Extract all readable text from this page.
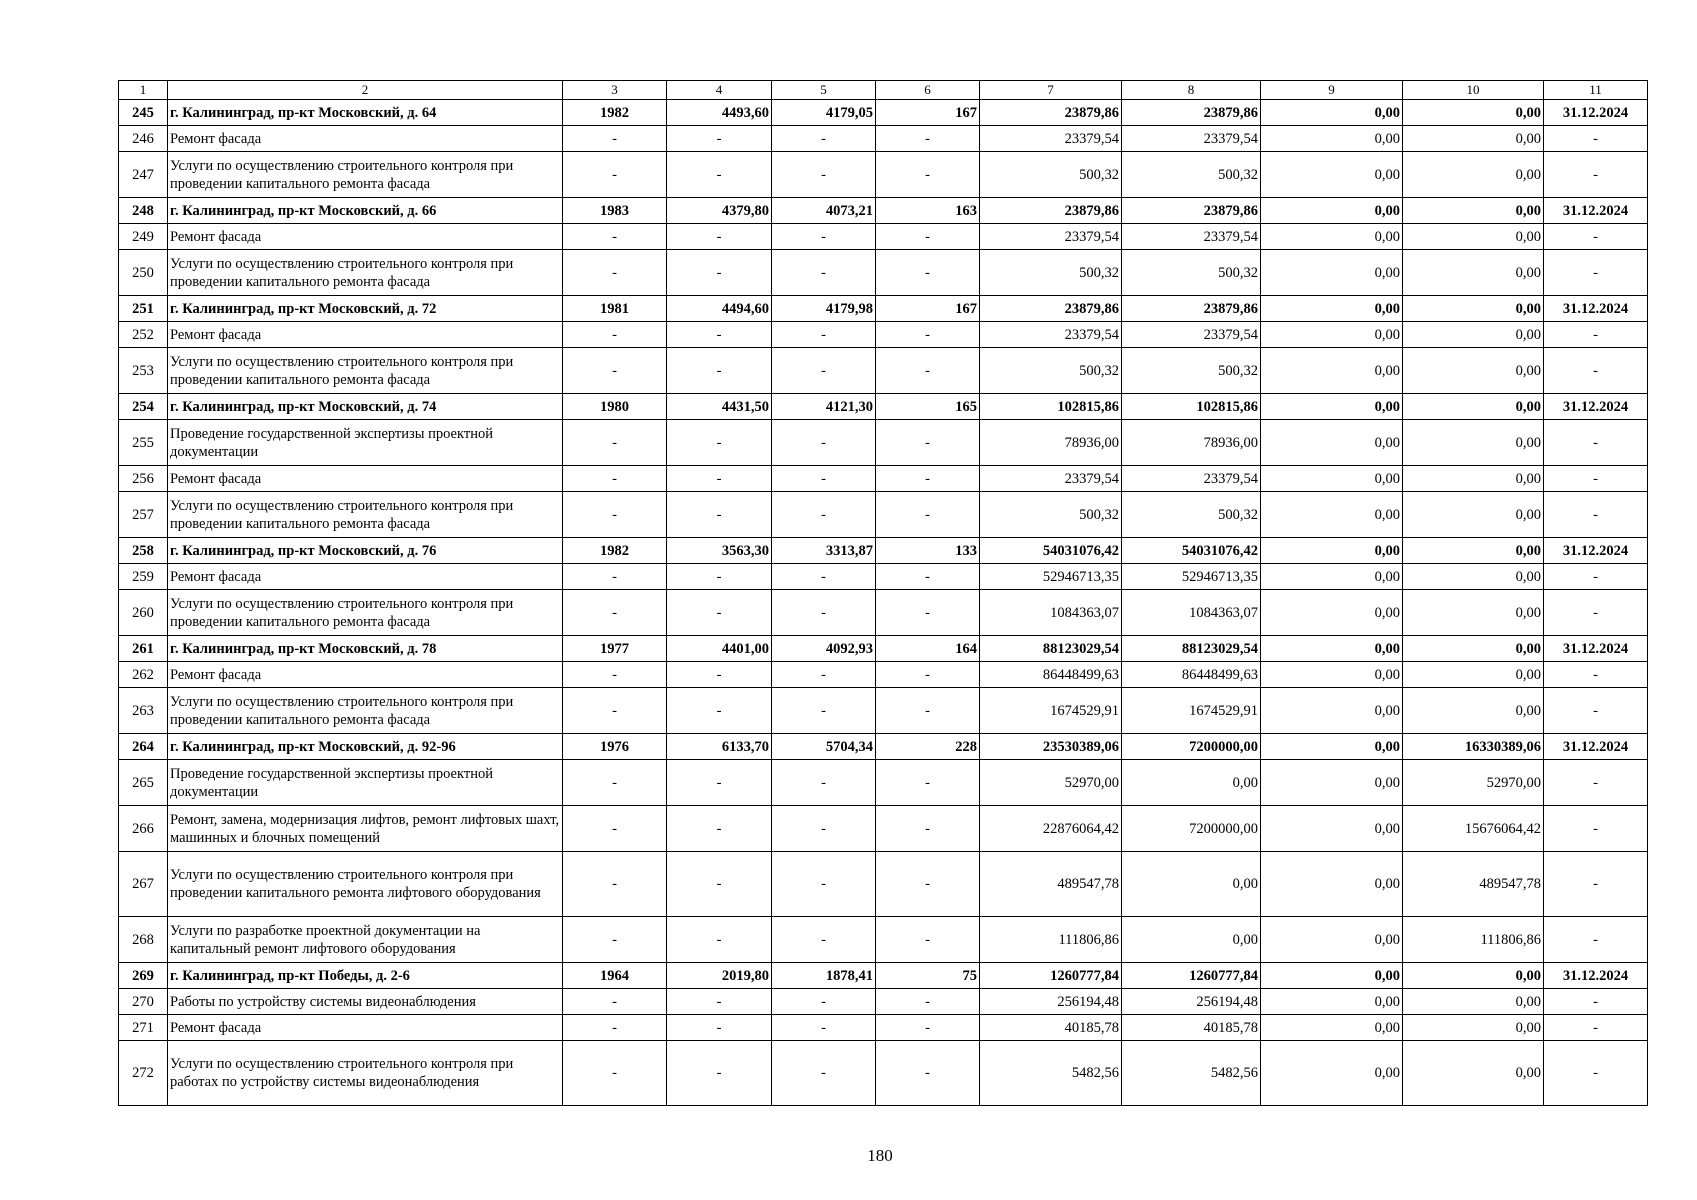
1	2	3	4	5	6	7	8	9	10	11
245	г. Калининград, пр-кт Московский, д. 64	1982	4493,60	4179,05	167	23879,86	23879,86	0,00	0,00	31.12.2024
246	Ремонт фасада	-	-	-	-	23379,54	23379,54	0,00	0,00	-
247	Услуги по осуществлению строительного контроля при проведении капитального ремонта фасада	-	-	-	-	500,32	500,32	0,00	0,00	-
248	г. Калининград, пр-кт Московский, д. 66	1983	4379,80	4073,21	163	23879,86	23879,86	0,00	0,00	31.12.2024
249	Ремонт фасада	-	-	-	-	23379,54	23379,54	0,00	0,00	-
250	Услуги по осуществлению строительного контроля при проведении капитального ремонта фасада	-	-	-	-	500,32	500,32	0,00	0,00	-
251	г. Калининград, пр-кт Московский, д. 72	1981	4494,60	4179,98	167	23879,86	23879,86	0,00	0,00	31.12.2024
252	Ремонт фасада	-	-	-	-	23379,54	23379,54	0,00	0,00	-
253	Услуги по осуществлению строительного контроля при проведении капитального ремонта фасада	-	-	-	-	500,32	500,32	0,00	0,00	-
254	г. Калининград, пр-кт Московский, д. 74	1980	4431,50	4121,30	165	102815,86	102815,86	0,00	0,00	31.12.2024
255	Проведение государственной экспертизы проектной документации	-	-	-	-	78936,00	78936,00	0,00	0,00	-
256	Ремонт фасада	-	-	-	-	23379,54	23379,54	0,00	0,00	-
257	Услуги по осуществлению строительного контроля при проведении капитального ремонта фасада	-	-	-	-	500,32	500,32	0,00	0,00	-
258	г. Калининград, пр-кт Московский, д. 76	1982	3563,30	3313,87	133	54031076,42	54031076,42	0,00	0,00	31.12.2024
259	Ремонт фасада	-	-	-	-	52946713,35	52946713,35	0,00	0,00	-
260	Услуги по осуществлению строительного контроля при проведении капитального ремонта фасада	-	-	-	-	1084363,07	1084363,07	0,00	0,00	-
261	г. Калининград, пр-кт Московский, д. 78	1977	4401,00	4092,93	164	88123029,54	88123029,54	0,00	0,00	31.12.2024
262	Ремонт фасада	-	-	-	-	86448499,63	86448499,63	0,00	0,00	-
263	Услуги по осуществлению строительного контроля при проведении капитального ремонта фасада	-	-	-	-	1674529,91	1674529,91	0,00	0,00	-
264	г. Калининград, пр-кт Московский, д. 92-96	1976	6133,70	5704,34	228	23530389,06	7200000,00	0,00	16330389,06	31.12.2024
265	Проведение государственной экспертизы проектной документации	-	-	-	-	52970,00	0,00	0,00	52970,00	-
266	Ремонт, замена, модернизация лифтов, ремонт лифтовых шахт, машинных и блочных помещений	-	-	-	-	22876064,42	7200000,00	0,00	15676064,42	-
267	Услуги по осуществлению строительного контроля при проведении капитального ремонта лифтового оборудования	-	-	-	-	489547,78	0,00	0,00	489547,78	-
268	Услуги по разработке проектной документации на капитальный ремонт лифтового оборудования	-	-	-	-	111806,86	0,00	0,00	111806,86	-
269	г. Калининград, пр-кт Победы, д. 2-6	1964	2019,80	1878,41	75	1260777,84	1260777,84	0,00	0,00	31.12.2024
270	Работы по устройству системы видеонаблюдения	-	-	-	-	256194,48	256194,48	0,00	0,00	-
271	Ремонт фасада	-	-	-	-	40185,78	40185,78	0,00	0,00	-
272	Услуги по осуществлению строительного контроля при работах по устройству системы видеонаблюдения	-	-	-	-	5482,56	5482,56	0,00	0,00	-
180
